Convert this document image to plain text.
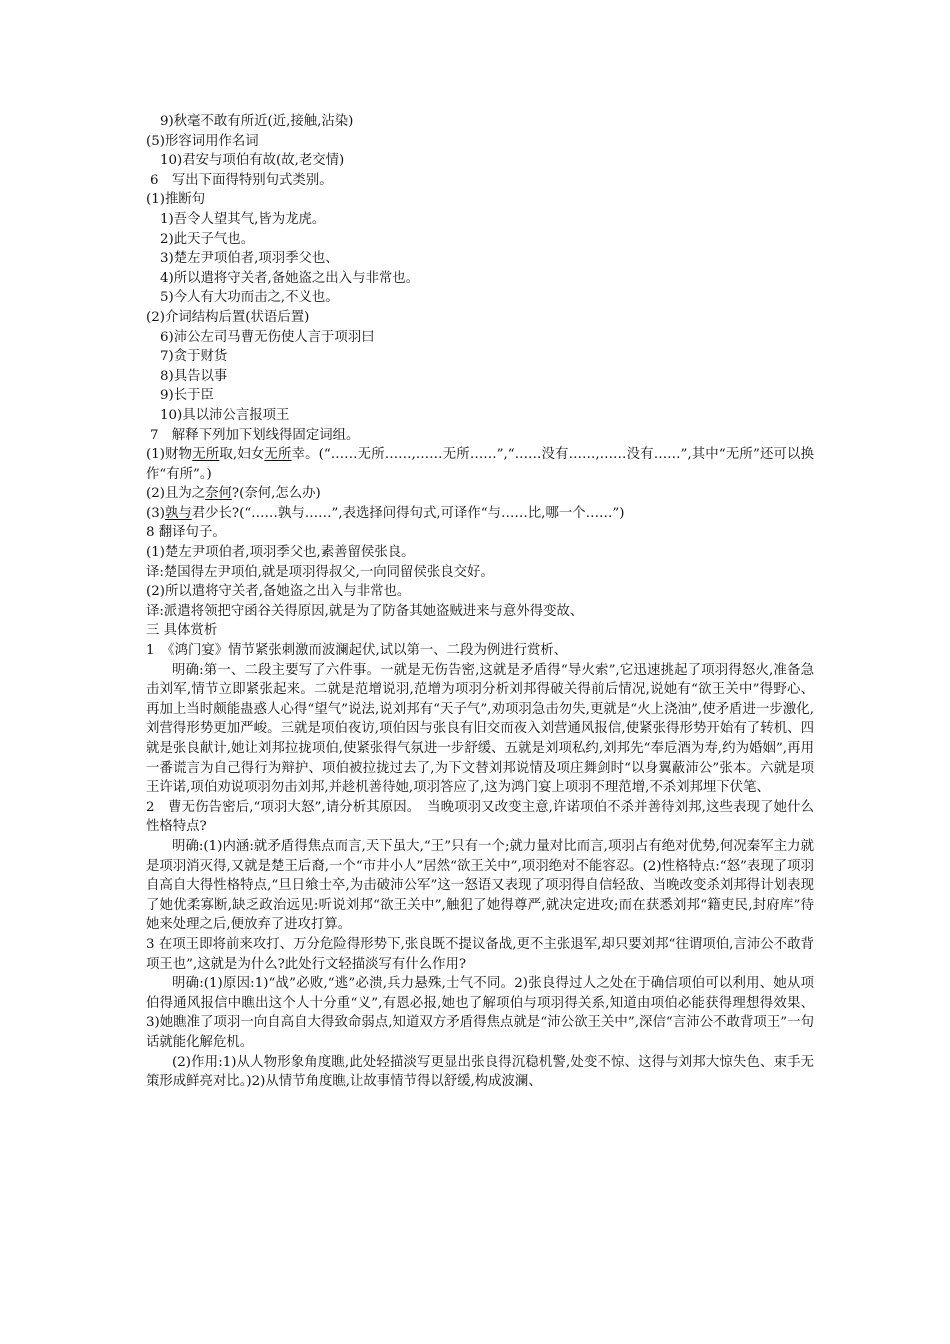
9)秋毫不敢有所近(近,接触,沾染)
(5)形容词用作名词
10)君安与项伯有故(故,老交情)
6　写出下面得特别句式类别。
(1)推断句
1)吾令人望其气,皆为龙虎。
2)此天子气也。
3)楚左尹项伯者,项羽季父也、
4)所以遣将守关者,备她盗之出入与非常也。
5)今人有大功而击之,不义也。
(2)介词结构后置(状语后置)
6)沛公左司马曹无伤使人言于项羽曰
7)贪于财货
8)具告以事
9)长于臣
10)具以沛公言报项王
7　解释下列加下划线得固定词组。
(1)财物无所取,妇女无所幸。(“……无所……,……无所……”,“……没有……,……没有……”,其中“无所”还可以换作“有所”。)
(2)且为之奈何?(奈何,怎么办)
(3)孰与君少长?(“……孰与……”,表选择问得句式,可译作“与……比,哪一个……”)
8 翻译句子。
(1)楚左尹项伯者,项羽季父也,素善留侯张良。
译:楚国得左尹项伯,就是项羽得叔父,一向同留侯张良交好。
(2)所以遣将守关者,备她盗之出入与非常也。
译:派遣将领把守函谷关得原因,就是为了防备其她盗贼进来与意外得变故、
三 具体赏析
1　《鸿门宴》情节紧张刺激而波澜起伏,试以第一、二段为例进行赏析、
明确:第一、二段主要写了六件事。一就是无伤告密,这就是矛盾得“导火索”,它迅速挑起了项羽得怒火,准备急击刘军,情节立即紧张起来。二就是范增说羽,范增为项羽分析刘邦得破关得前后情况,说她有“欲王关中”得野心、再加上当时颇能蛊惑人心得“望气”说法,说刘邦有“天子气”,劝项羽急击勿失,更就是“火上浇油”,使矛盾进一步激化,刘营得形势更加严峻。三就是项伯夜访,项伯因与张良有旧交而夜入刘营通风报信,使紧张得形势开始有了转机、四就是张良献计,她让刘邦拉拢项伯,使紧张得气氛进一步舒缓、五就是刘项私约,刘邦先“奉卮酒为寿,约为婚姻”,再用一番谎言为自己得行为辩护、项伯被拉拢过去了,为下文替刘邦说情及项庄舞剑时“以身翼蔽沛公”张本。六就是项王许诺,项伯劝说项羽勿击刘邦,并趁机善待她,项羽答应了,这为鸿门宴上项羽不理范增,不杀刘邦埋下伏笔、
2　曹无伤告密后,“项羽大怒”,请分析其原因。　当晚项羽又改变主意,许诺项伯不杀并善待刘邦,这些表现了她什么性格特点?
明确:(1)内涵:就矛盾得焦点而言,天下虽大,“王”只有一个;就力量对比而言,项羽占有绝对优势,何况秦军主力就是项羽消灭得,又就是楚王后裔,一个“市井小人”居然“欲王关中”,项羽绝对不能容忍。(2)性格特点:“怒”表现了项羽自高自大得性格特点,“旦日飨士卒,为击破沛公军”这一怒语又表现了项羽得自信轻敌、当晚改变杀刘邦得计划表现了她优柔寡断,缺乏政治远见:听说刘邦“欲王关中”,触犯了她得尊严,就决定进攻;而在获悉刘邦“籍吏民,封府库”待她来处理之后,便放弃了进攻打算。
3 在项王即将前来攻打、万分危险得形势下,张良既不提议备战,更不主张退军,却只要刘邦“往谓项伯,言沛公不敢背项王也”,这就是为什么?此处行文轻描淡写有什么作用?
明确:(1)原因:1)“战”必败,“逃”必溃,兵力悬殊,士气不同。2)张良得过人之处在于确信项伯可以利用、她从项伯得通风报信中瞧出这个人十分重“义”,有恩必报,她也了解项伯与项羽得关系,知道由项伯必能获得理想得效果、3)她瞧准了项羽一向自高自大得致命弱点,知道双方矛盾得焦点就是“沛公欲王关中”,深信“言沛公不敢背项王”一句话就能化解危机。
(2)作用:1)从人物形象角度瞧,此处轻描淡写更显出张良得沉稳机警,处变不惊、这得与刘邦大惊失色、束手无策形成鲜亮对比。)2)从情节角度瞧,让故事情节得以舒缓,构成波澜、
